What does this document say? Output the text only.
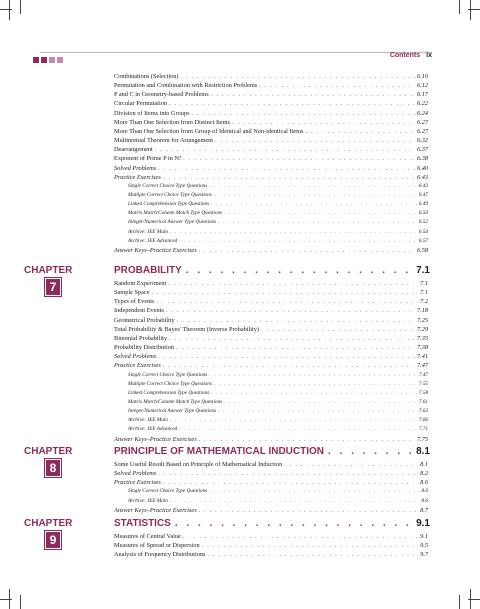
Contents ix
Combinations (Selection) . . .	6.10
Permutation and Combination with Restriction Problems . . .	6.12
P and C in Geometry-based Problems . . .	6.17
Circular Permutation . . .	6.22
Division of Items into Groups . . .	6.24
More Than One Selection from Distinct Items . . .	6.27
More Than One Selection from Group of Identical and Non-identical Items . . .	6.27
Multinomial Theorem for Arrangement . . .	6.32
Dearrangement . . .	6.37
Exponent of Prime P in N! . . .	6.38
Solved Problems . . .	6.40
Practice Exercises . . .	6.43
Single Correct Choice Type Questions . . .	6.43
Multiple Correct Choice Type Questions . . .	6.47
Linked Comprehension Type Questions . . .	6.49
Matrix Match/Column Match Type Questions . . .	6.50
Integer/Numerical Answer Type Questions . . .	6.52
Archive: JEE Main . . .	6.54
Archive: JEE Advanced . . .	6.57
Answer Keys–Practice Exercises . . .	6.58
CHAPTER
7
PROBABILITY . . .	7.1
Random Experiment . . .	7.1
Sample Space . . .	7.1
Types of Events . . .	7.2
Independent Events . . .	7.18
Geometrical Probability . . .	7.25
Total Probability & Bayes' Theorem (Inverse Probability) . . .	7.29
Binomial Probability . . .	7.35
Probability Distribution . . .	7.38
Solved Problems . . .	7.41
Practice Exercises . . .	7.47
Single Correct Choice Type Questions . . .	7.47
Multiple Correct Choice Type Questions . . .	7.55
Linked Comprehension Type Questions . . .	7.58
Matrix Match/Column Match Type Questions . . .	7.61
Integer/Numerical Answer Type Questions . . .	7.63
Archive: JEE Main . . .	7.66
Archive: JEE Advanced . . .	7.71
Answer Keys–Practice Exercises . . .	7.75
CHAPTER
8
PRINCIPLE OF MATHEMATICAL INDUCTION . . .	8.1
Some Useful Result Based on Principle of Mathematical Induction . . .	8.1
Solved Problems . . .	8.2
Practice Exercises . . .	8.6
Single Correct Choice Type Questions . . .	8.6
Archive: JEE Main . . .	8.6
Answer Keys–Practice Exercises . . .	8.7
CHAPTER
9
STATISTICS . . .	9.1
Measures of Central Value . . .	9.1
Measures of Spread or Dispersion . . .	9.5
Analysis of Frequency Distributions . . .	9.7
